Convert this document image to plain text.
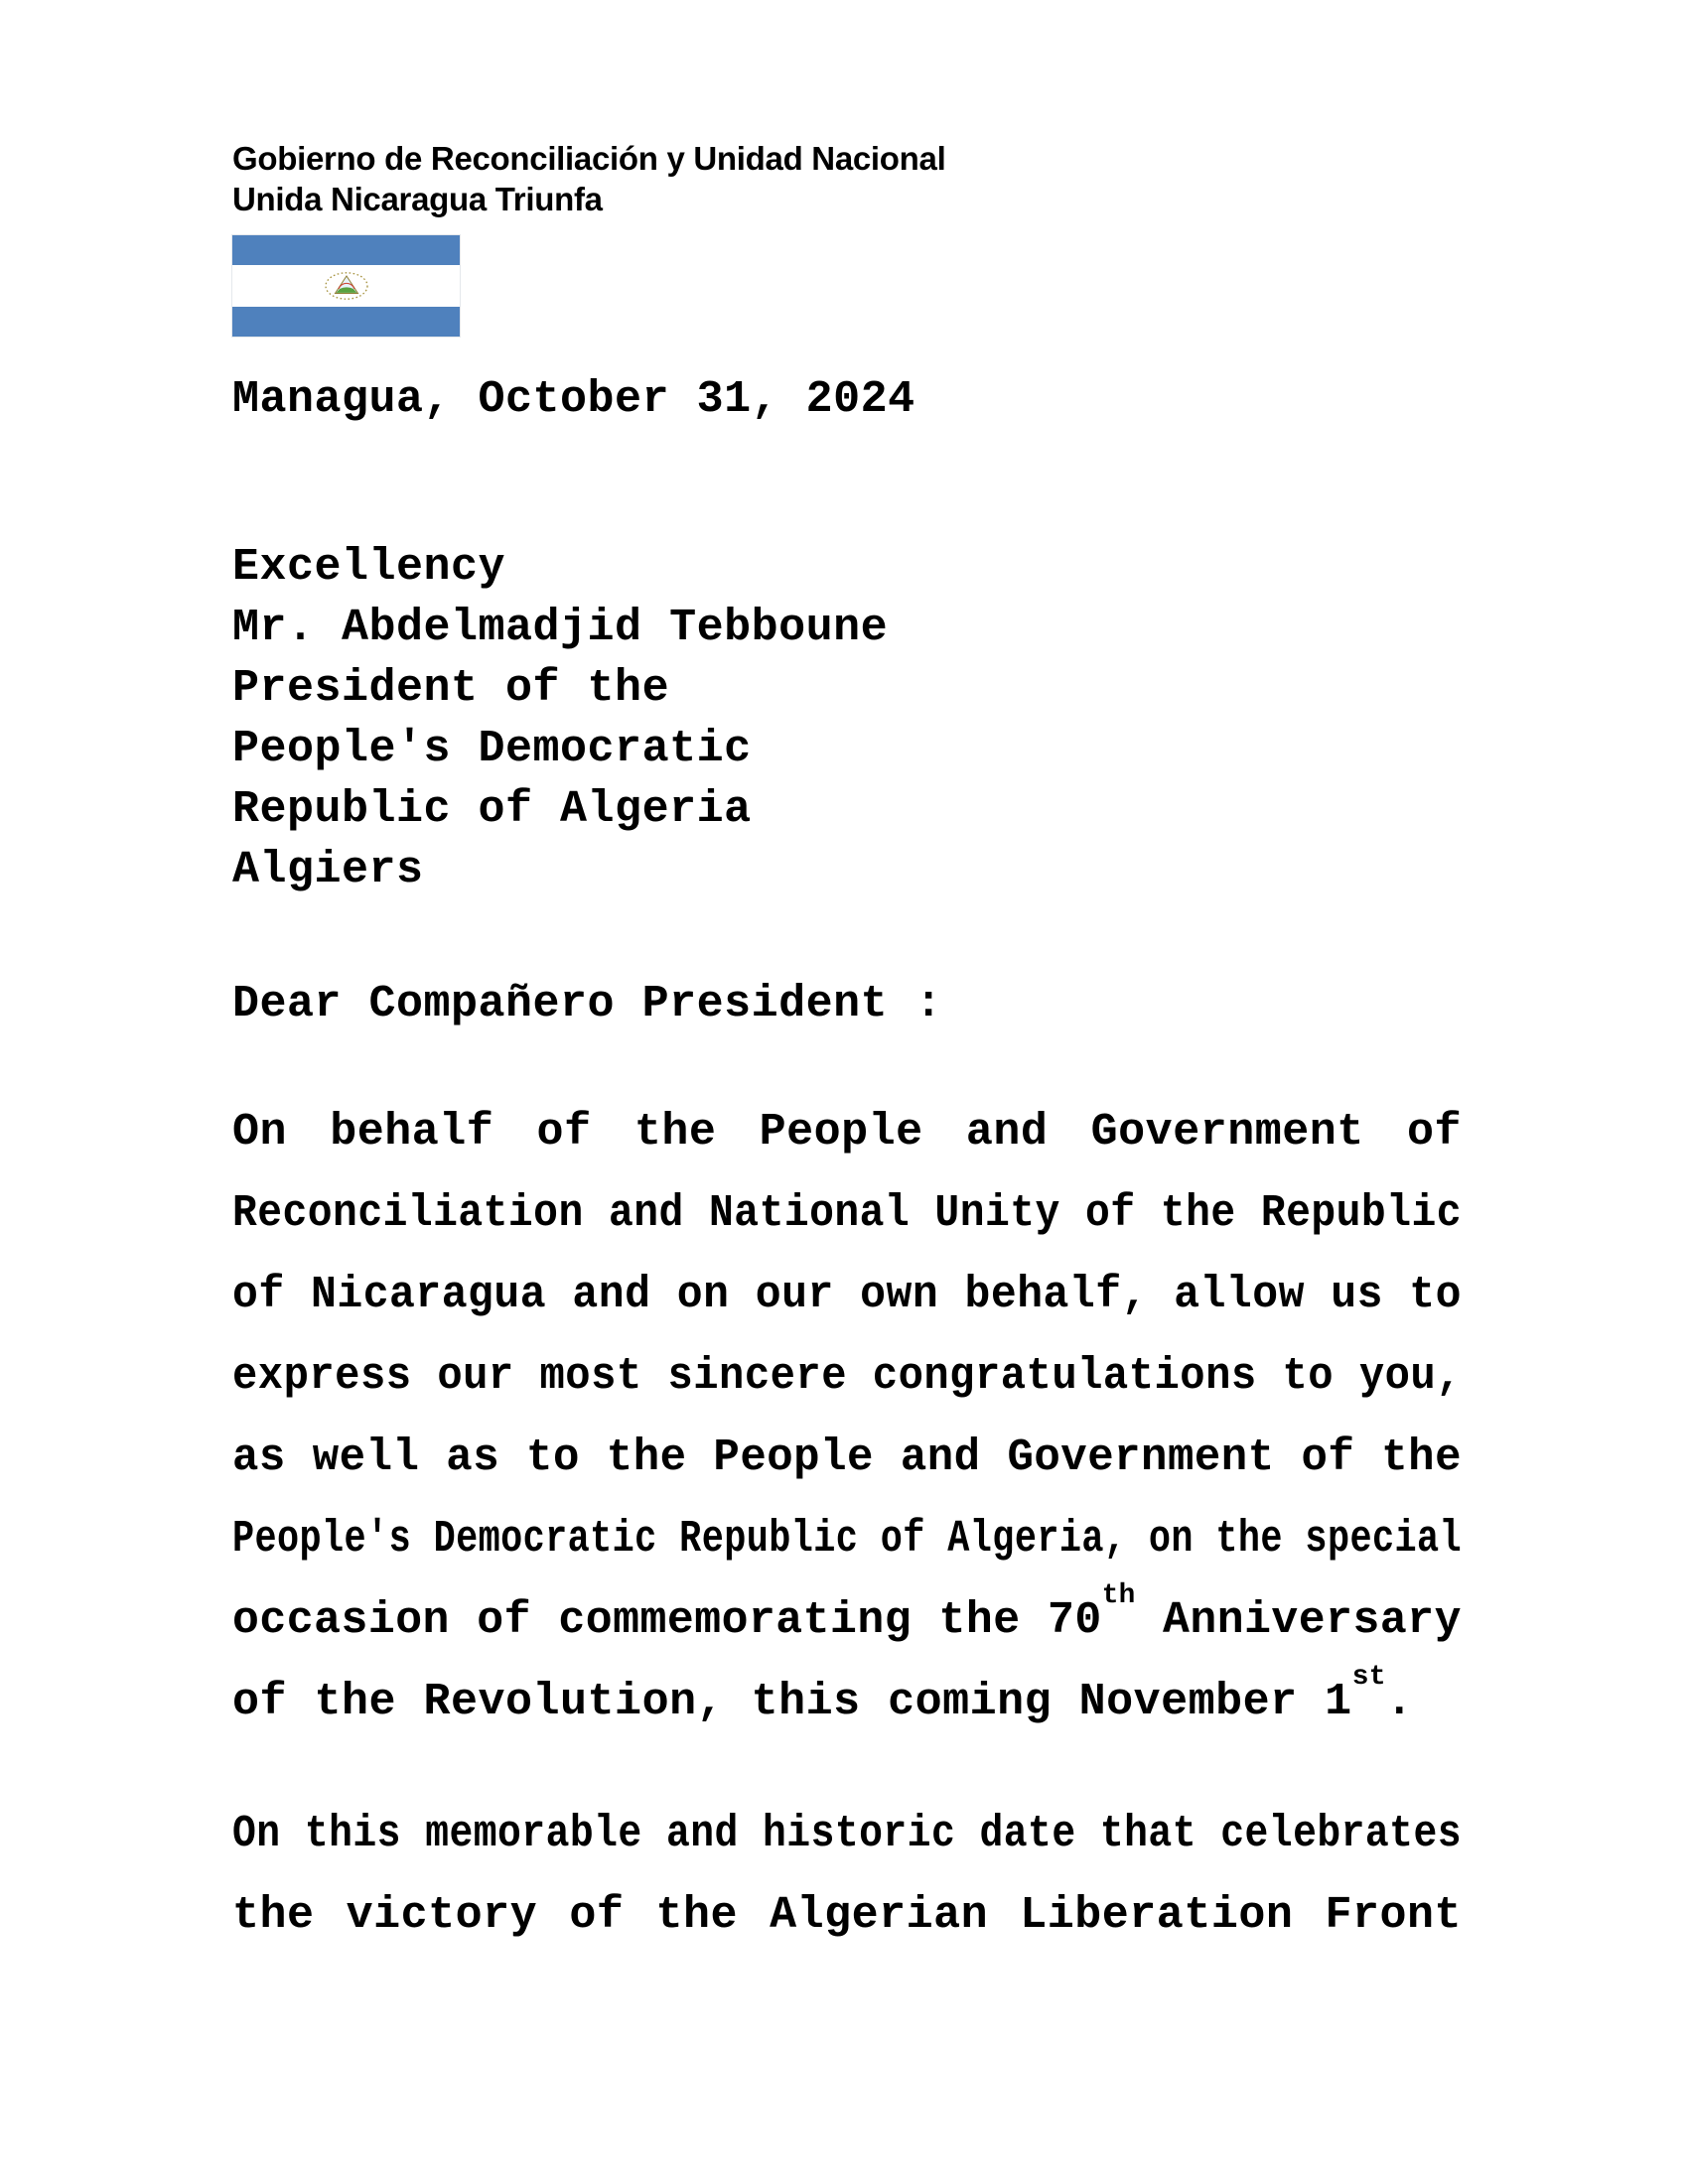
Gobierno de Reconciliación y Unidad Nacional
Unida Nicaragua Triunfa
Managua, October 31, 2024
Excellency
Mr. Abdelmadjid Tebboune
President of the
People's Democratic
Republic of Algeria
Algiers
Dear Compañero President :
On behalf of the People and Government of
Reconciliation and National Unity of the Republic
of Nicaragua and on our own behalf, allow us to
express our most sincere congratulations to you,
as well as to the People and Government of the
People's Democratic Republic of Algeria, on the special
occasion of commemorating the 70th Anniversary
of the Revolution, this coming November 1st.
On this memorable and historic date that celebrates
the victory of the Algerian Liberation Front
